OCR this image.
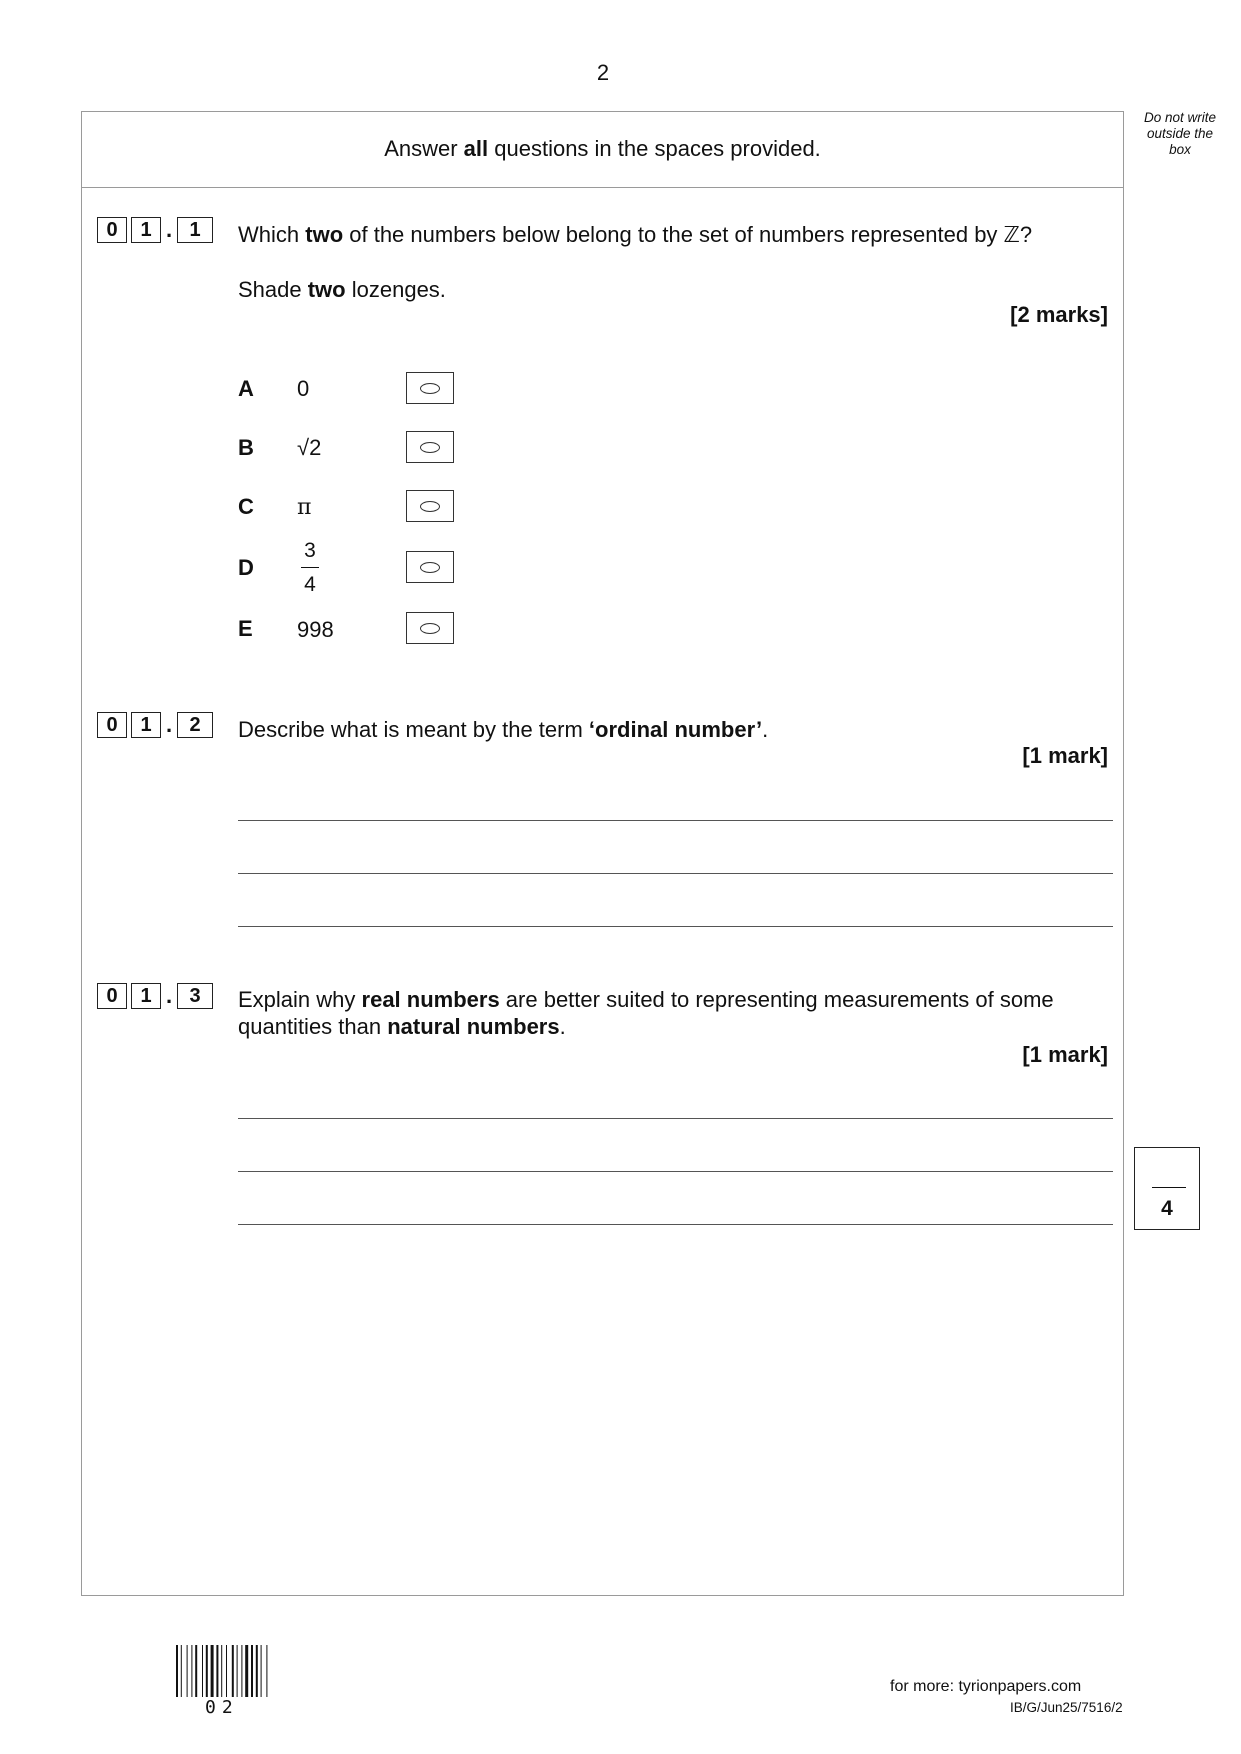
2
Do not write
outside the
box
Answer all questions in the spaces provided.
0	1 . 1	Which two of the numbers below belong to the set of numbers represented by ℤ?
Shade two lozenges.
[2 marks]
A 0
B √2
C π
D
3
4
E 998
0	1 . 2	Describe what is meant by the term ‘ordinal number’.
[1 mark]
0	1 . 3	Explain why real numbers are better suited to representing measurements of some
quantities than natural numbers.
[1 mark]
4
02
for more: tyrionpapers.com
IB/G/Jun25/7516/2
